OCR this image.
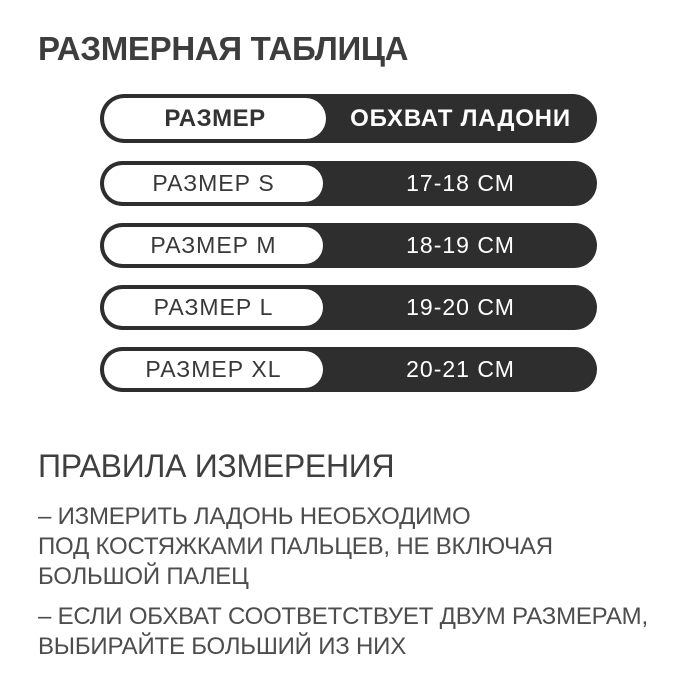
РАЗМЕРНАЯ ТАБЛИЦА
РАЗМЕР	ОБХВАТ ЛАДОНИ
РАЗМЕР S	17-18 СМ
РАЗМЕР M	18-19 СМ
РАЗМЕР L	19-20 СМ
РАЗМЕР XL	20-21 СМ
ПРАВИЛА ИЗМЕРЕНИЯ
– ИЗМЕРИТЬ ЛАДОНЬ НЕОБХОДИМО
ПОД КОСТЯЖКАМИ ПАЛЬЦЕВ, НЕ ВКЛЮЧАЯ
БОЛЬШОЙ ПАЛЕЦ
– ЕСЛИ ОБХВАТ СООТВЕТСТВУЕТ ДВУМ РАЗМЕРАМ,
ВЫБИРАЙТЕ БОЛЬШИЙ ИЗ НИХ
